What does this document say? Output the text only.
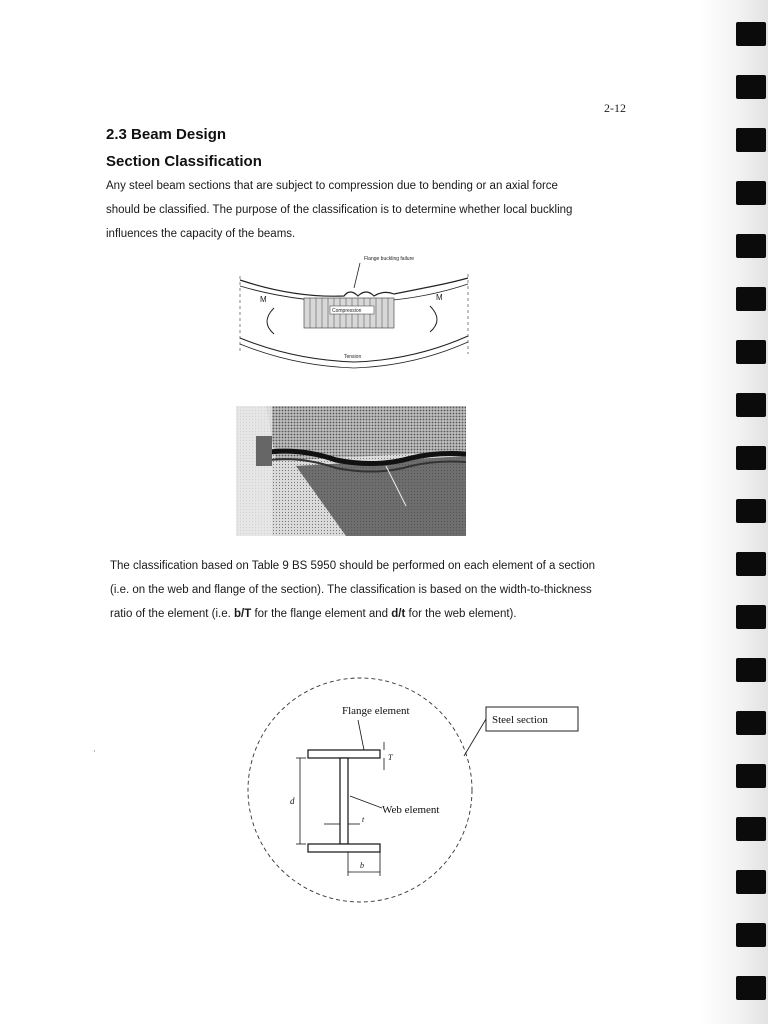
2-12
2.3 Beam Design
Section Classification

Any steel beam sections that are subject to compression due to bending or an axial force should be classified. The purpose of the classification is to determine whether local buckling influences the capacity of the beams.

Flange buckling failure
Compression
Tension
M	M

The classification based on Table 9 BS 5950 should be performed on each element of a section (i.e. on the web and flange of the section). The classification is based on the width-to-thickness ratio of the element (i.e. b/T for the flange element and d/t for the web element).

Steel section
Flange element
T
d
t
Web element
b
⋅
